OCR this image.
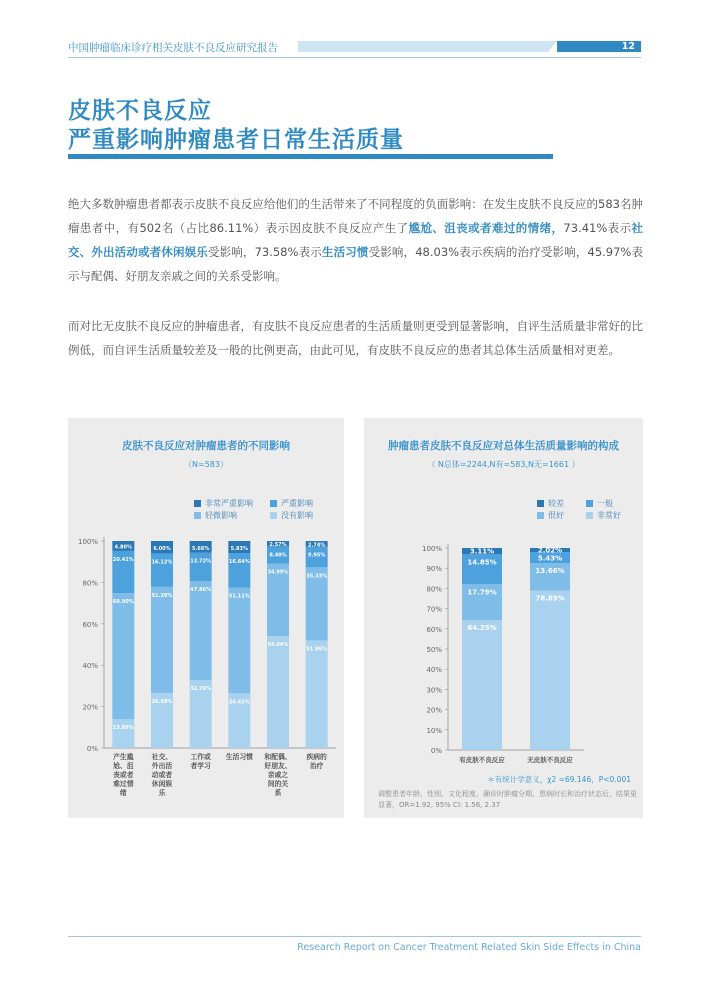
中国肿瘤临床诊疗相关皮肤不良反应研究报告	12
皮肤不良反应
严重影响肿瘤患者日常生活质量
绝大多数肿瘤患者都表示皮肤不良反应给他们的生活带来了不同程度的负面影响：在发生皮肤不良反应的583名肿瘤患者中，有502名（占比86.11%）表示因皮肤不良反应产生了尴尬、沮丧或者难过的情绪，73.41%表示社交、外出活动或者休闲娱乐受影响，73.58%表示生活习惯受影响，48.03%表示疾病的治疗受影响，45.97%表示与配偶、好朋友亲戚之间的关系受影响。
而对比无皮肤不良反应的肿瘤患者，有皮肤不良反应患者的生活质量则更受到显著影响，自评生活质量非常好的比例低，而自评生活质量较差及一般的比例更高，由此可见，有皮肤不良反应的患者其总体生活质量相对更差。
皮肤不良反应对肿瘤患者的不同影响
（N=583）
非常严重影响	严重影响
轻微影响	没有影响
0%
20%
40%
60%
80%
100%
13.89%
60.90%
20.41%
4.80%
产生尴
尬、沮
丧或者
难过情
绪
26.59%
51.29%
16.12%
6.00%
社交、
外出活
动或者
休闲娱
乐
32.76%
47.86%
13.72%
5.66%
工作或
者学习
26.42%
51.11%
16.64%
5.83%
生活习惯
54.04%
34.99%
8.40%
2.57%
和配偶、
好朋友、
亲戚之
间的关
系
51.96%
35.33%
9.95%
2.74%
疾病的
治疗
肿瘤患者皮肤不良反应对总体生活质量影响的构成
（ N总体=2244,N有=583,N无=1661 ）
较差	一般
很好	非常好
0%
10%
20%
30%
40%
50%
60%
70%
80%
90%
100%
64.25%
17.79%
14.85%
3.11%
有皮肤不良反应
78.89%
13.66%
5.43%
2.02%
无皮肤不良反应
＊有统计学意义，χ2 =69.146，P<0.001
调整患者年龄、性别、文化程度、确诊时肿瘤分期、患病时长和治疗状态后，结果更显著，OR=1.92, 95% CI: 1.56, 2.37
Research Report on Cancer Treatment Related Skin Side Effects in China
